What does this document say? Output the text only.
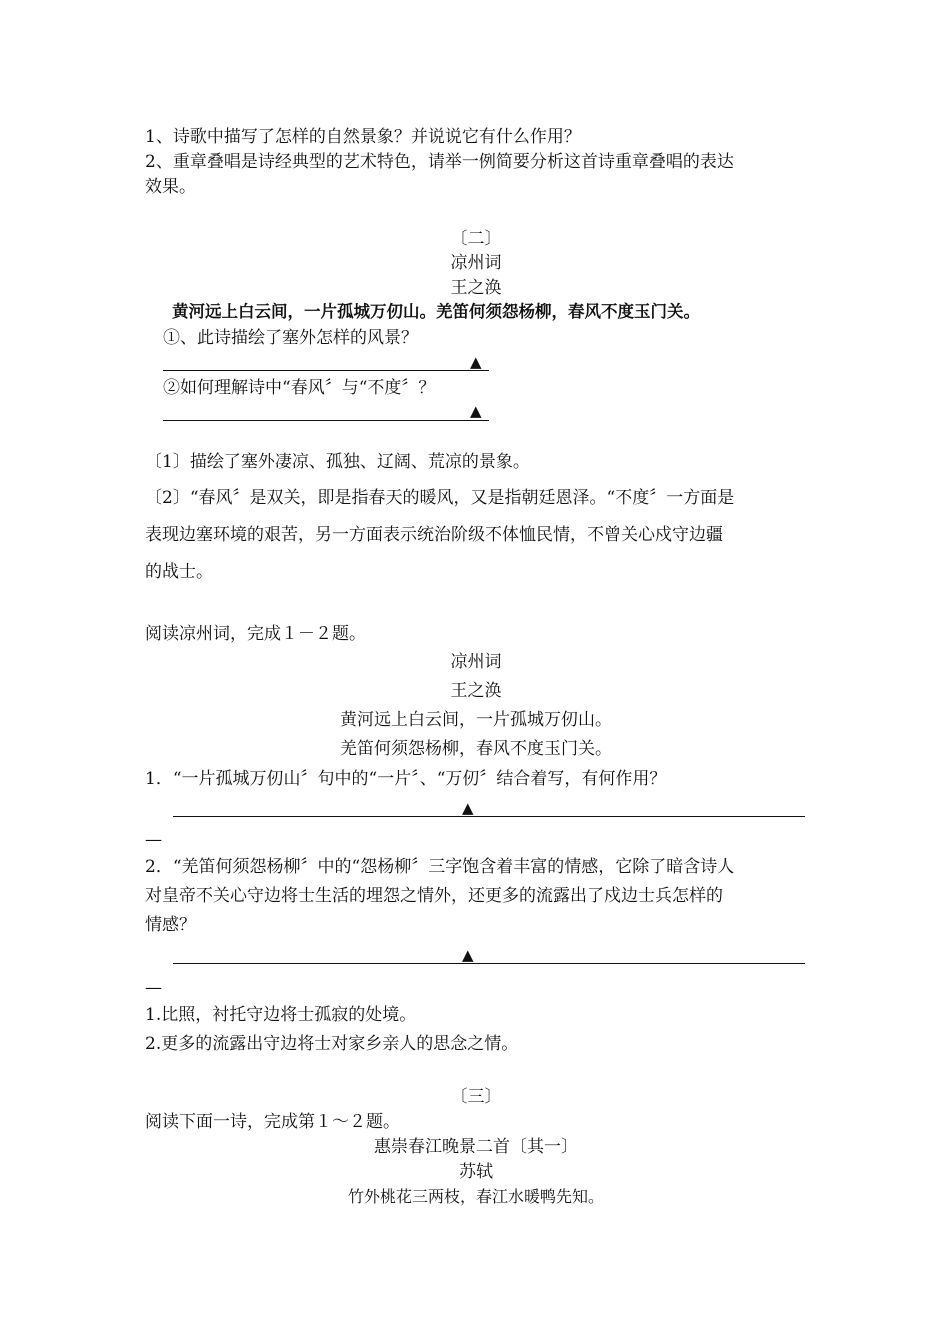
1、诗歌中描写了怎样的自然景象？并说说它有什么作用？
2、重章叠唱是诗经典型的艺术特色，请举一例简要分析这首诗重章叠唱的表达
效果。
〔二〕
凉州词
王之涣
黄河远上白云间，一片孤城万仞山。羌笛何须怨杨柳，春风不度玉门关。
①、此诗描绘了塞外怎样的风景？
▲
②如何理解诗中“春风〞与“不度〞？
▲
〔1〕描绘了塞外凄凉、孤独、辽阔、荒凉的景象。
〔2〕“春风〞是双关，即是指春天的暖风，又是指朝廷恩泽。“不度〞一方面是
表现边塞环境的艰苦，另一方面表示统治阶级不体恤民情，不曾关心戍守边疆
的战士。
阅读凉州词，完成１－２题。
凉州词
王之涣
黄河远上白云间，一片孤城万仞山。
羌笛何须怨杨柳，春风不度玉门关。
1．“一片孤城万仞山〞句中的“一片〞、“万仞〞结合着写，有何作用？
▲
—
2．“羌笛何须怨杨柳〞中的“怨杨柳〞三字饱含着丰富的情感，它除了暗含诗人
对皇帝不关心守边将士生活的埋怨之情外，还更多的流露出了戍边士兵怎样的
情感？
▲
—
1.比照，衬托守边将士孤寂的处境。
2.更多的流露出守边将士对家乡亲人的思念之情。
〔三〕
阅读下面一诗，完成第１～２题。
惠崇春江晚景二首〔其一〕
苏轼
竹外桃花三两枝，春江水暖鸭先知。
